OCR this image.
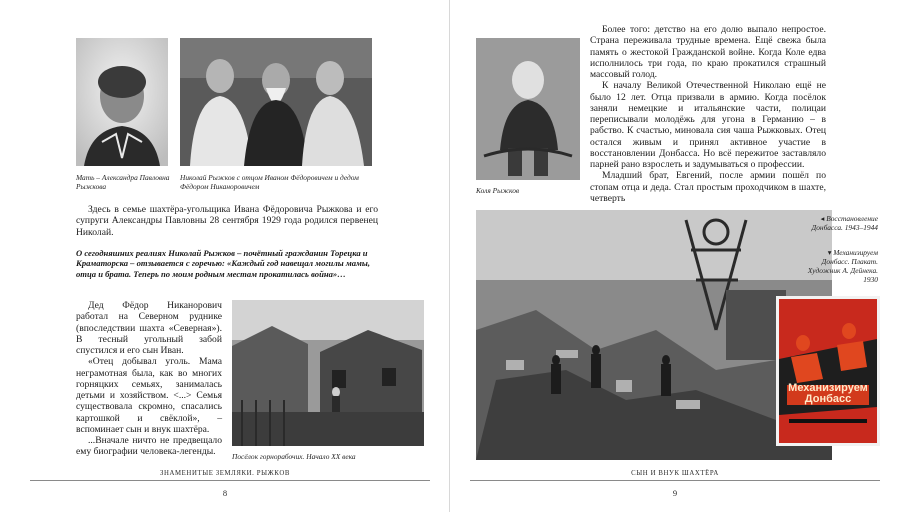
Мать – Александра Павловна Рыжкова
Николай Рыжков с отцом Иваном Фёдоровичем и дедом Фёдором Никаноровичем

Здесь в семье шахтёра-угольщика Ивана Фёдоровича Рыжкова и его супруги Александры Павловны 28 сентября 1929 года родился первенец Николай.

О сегодняшних реалиях Николай Рыжков – почётный гражданин Торецка и Краматорска – отзывается с горечью: «Каждый год навещал могилы мамы, отца и брата. Теперь по моим родным местам прокатилась война»…

Дед Фёдор Никанорович работал на Северном руднике (впоследствии шахта «Северная»). В тесный угольный забой спустился и его сын Иван.

«Отец добывал уголь. Мама неграмотная была, как во многих горняцких семьях, занималась детьми и хозяйством. <...> Семья существовала скромно, спасались картошкой и свёклой», – вспоминает сын и внук шахтёра.

...Вначале ничто не предвещало ему биографии человека-легенды.	Посёлок горнорабочих. Начало XX века
ЗНАМЕНИТЫЕ ЗЕМЛЯКИ. РЫЖКОВ
8
Коля Рыжков

Более того: детство на его долю выпало непростое. Страна переживала трудные времена. Ещё свежа была память о жестокой Гражданской войне. Когда Коле едва исполнилось три года, по краю прокатился страшный массовый голод.

К началу Великой Отечественной Николаю ещё не было 12 лет. Отца призвали в армию. Когда посёлок заняли немецкие и итальянские части, полицаи переписывали молодёжь для угона в Германию – в рабство. К счастью, миновала сия чаша Рыжковых. Отец остался живым и принял активное участие в восстановлении Донбасса. Но всё пережитое заставляло парней рано взрослеть и задумываться о профессии.

Младший брат, Евгений, после армии пошёл по стопам отца и деда. Стал простым проходчиком в шахте, четверть

◂ Восстановление Донбасса. 1943–1944
▾ Механизируем Донбасс. Плакат. Художник А. Дейнека. 1930
Механизируем Донбасс
СЫН И ВНУК ШАХТЁРА
9
